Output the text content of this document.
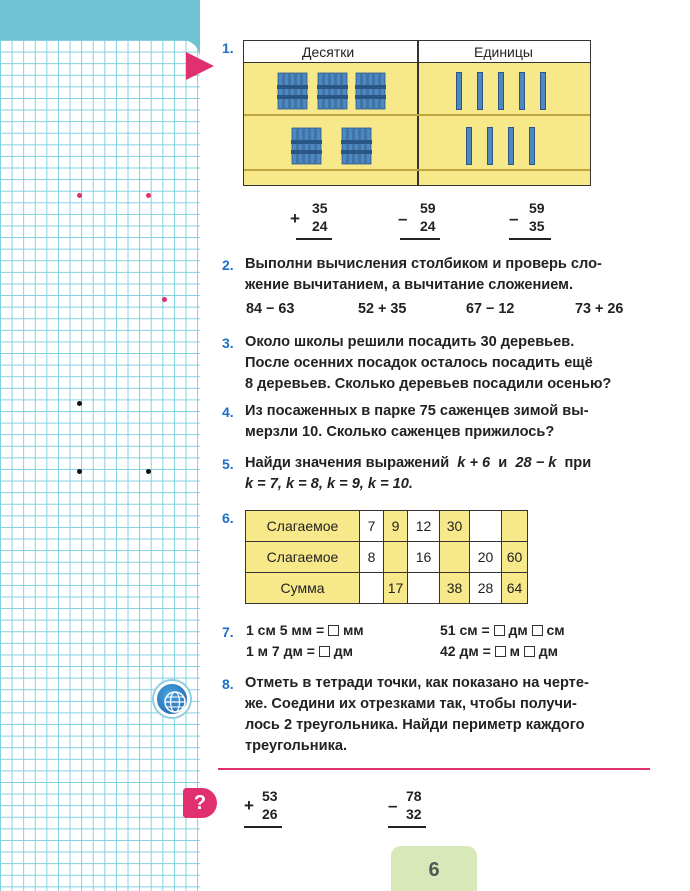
1.	Десятки	Единицы
+
35
24	–
59
24	–
59
35
2. Выполни вычисления столбиком и проверь сло-
жение вычитанием, а вычитание сложением.
84 − 63	52 + 35	67 − 12	73 + 26
3. Около школы решили посадить 30 деревьев.
После осенних посадок осталось посадить ещё
8 деревьев. Сколько деревьев посадили осенью?
4. Из посаженных в парке 75 саженцев зимой вы-
мерзли 10. Сколько саженцев прижилось?
5. Найди значения выражений k + 6 и 28 − k при
k = 7, k = 8, k = 9, k = 10.
6. Слагаемое	7	9	12	30		
Слагаемое	8		16		20	60
Сумма		17		38	28	64
7. 1 см 5 мм = мм	51 см = дм см
1 м 7 дм = дм	42 дм = м дм
8. Отметь в тетради точки, как показано на черте-
же. Соедини их отрезками так, чтобы получи-
лось 2 треугольника. Найди периметр каждого
треугольника.
?	+ 53
26	– 78
32
6
